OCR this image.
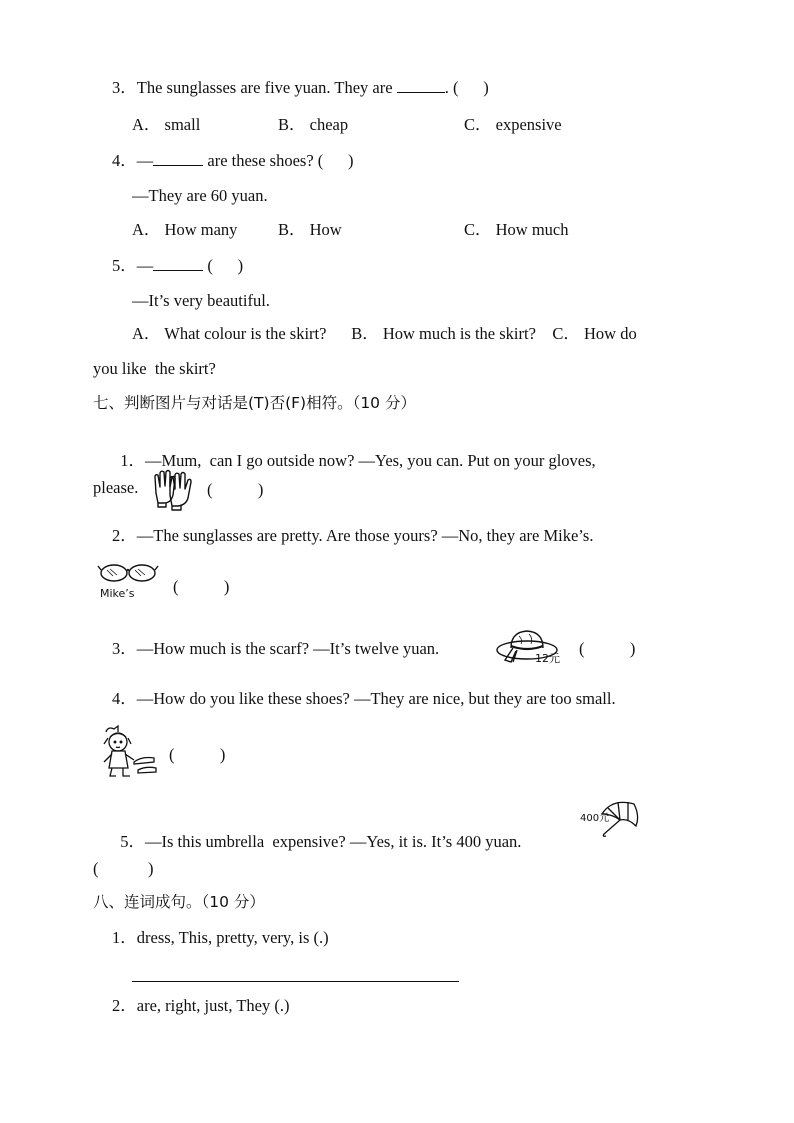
3．The sunglasses are five yuan. They are	. ( )
A． small	B． cheap	C． expensive
4．—	are these shoes? ( )
—They are 60 yuan.
A． How many B． How	C． How much
5．—	( )
—It’s very beautiful.
A． What colour is the skirt?      B． How much is the skirt?    C． How do
you like  the skirt?
七、判断图片与对话是(T)否(F)相符。（10 分）

1．—Mum,  can I go outside now? —Yes, you can. Put on your gloves,

please.	(	)
2．—The sunglasses are pretty. Are those yours? —No, they are Mike’s.
Mike’s (	)
3．—How much is the scarf? —It’s twelve yuan.
12元
(	)
4．—How do you like these shoes? —They are nice, but they are too small.
(	)

5．—Is this umbrella  expensive? —Yes, it is. It’s 400 yuan.

400元
(	)
八、连词成句。（10 分）
1．dress, This, pretty, very, is (.)
2．are, right, just, They (.)
